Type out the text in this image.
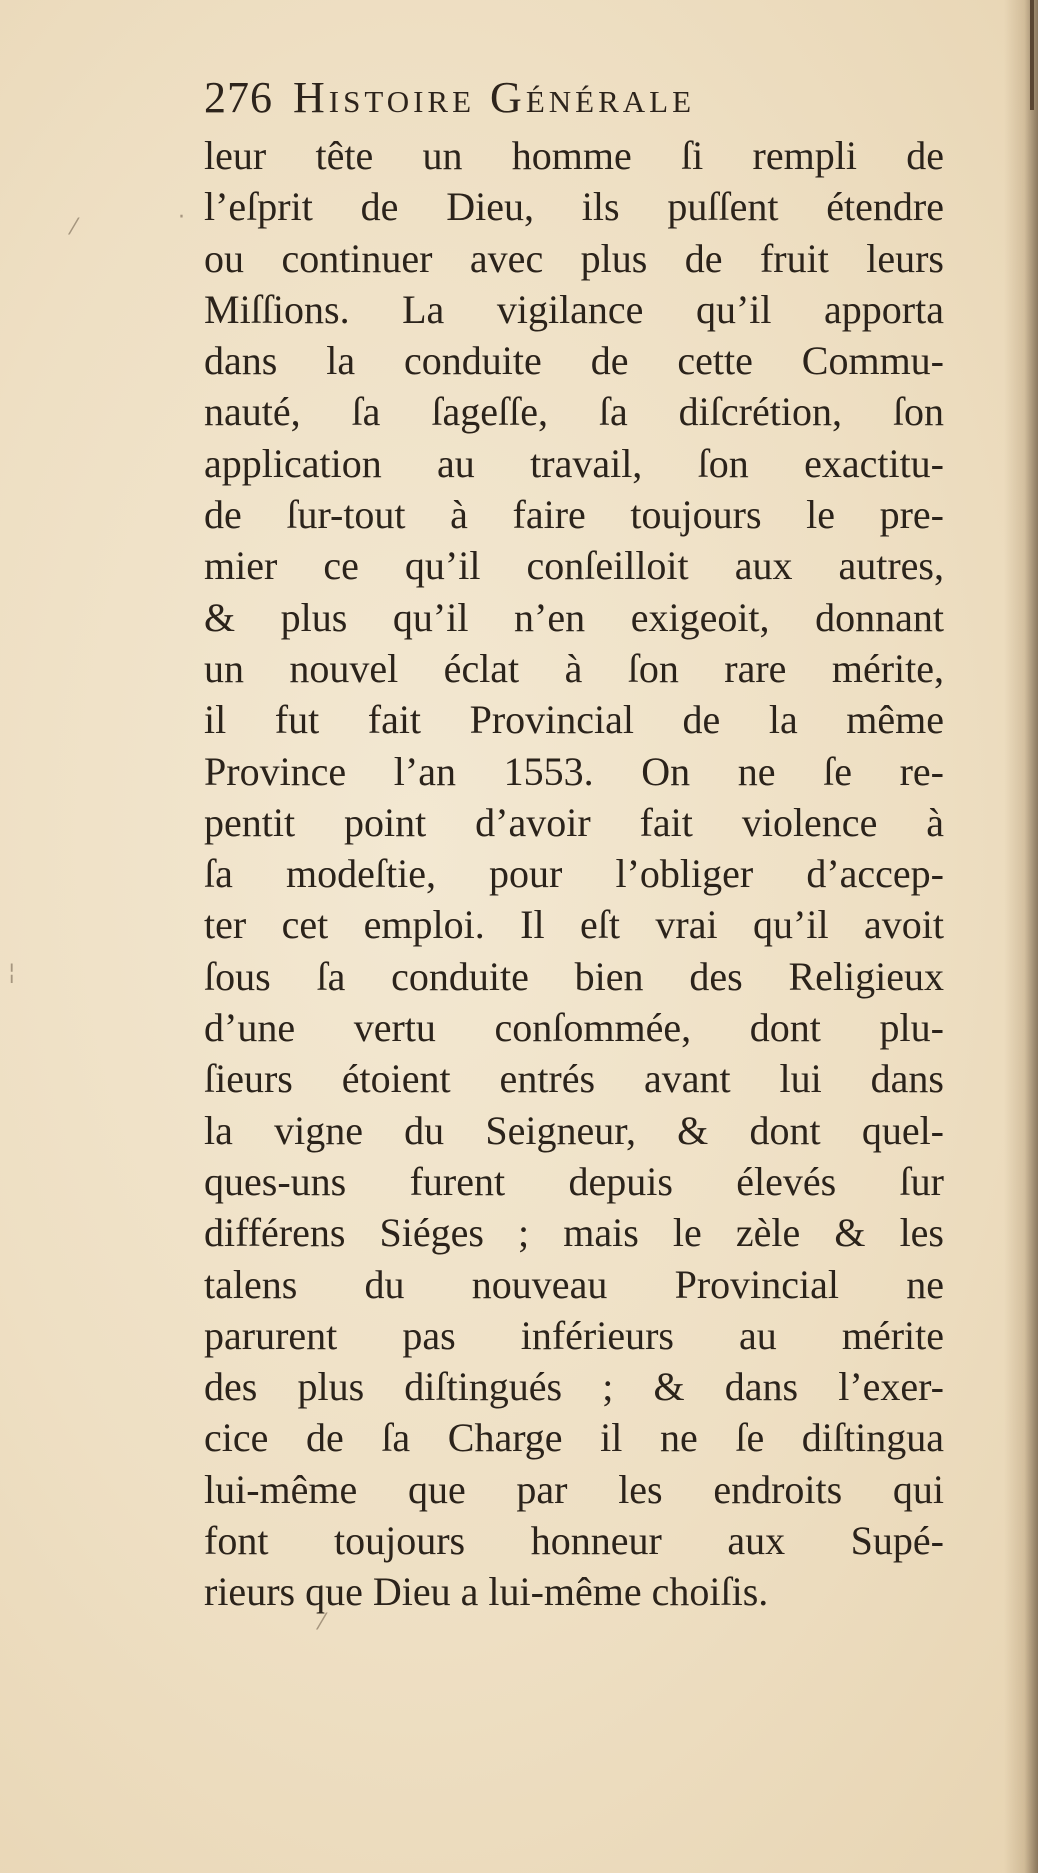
·
⁄
¦
⁄
276 Histoire Générale
leur tête un homme ſi rempli de
l’eſprit de Dieu, ils puſſent étendre
ou continuer avec plus de fruit leurs
Miſſions. La vigilance qu’il apporta
dans la conduite de cette Commu-
nauté, ſa ſageſſe, ſa diſcrétion, ſon
application au travail, ſon exactitu-
de ſur-tout à faire toujours le pre-
mier ce qu’il conſeilloit aux autres,
& plus qu’il n’en exigeoit, donnant
un nouvel éclat à ſon rare mérite,
il fut fait Provincial de la même
Province l’an 1553. On ne ſe re-
pentit point d’avoir fait violence à
ſa modeſtie, pour l’obliger d’accep-
ter cet emploi. Il eſt vrai qu’il avoit
ſous ſa conduite bien des Religieux
d’une vertu conſommée, dont plu-
ſieurs étoient entrés avant lui dans
la vigne du Seigneur, & dont quel-
ques-uns furent depuis élevés ſur
différens Siéges ; mais le zèle & les
talens du nouveau Provincial ne
parurent pas inférieurs au mérite
des plus diſtingués ; & dans l’exer-
cice de ſa Charge il ne ſe diſtingua
lui-même que par les endroits qui
font toujours honneur aux Supé-
rieurs que Dieu a lui-même choiſis.
